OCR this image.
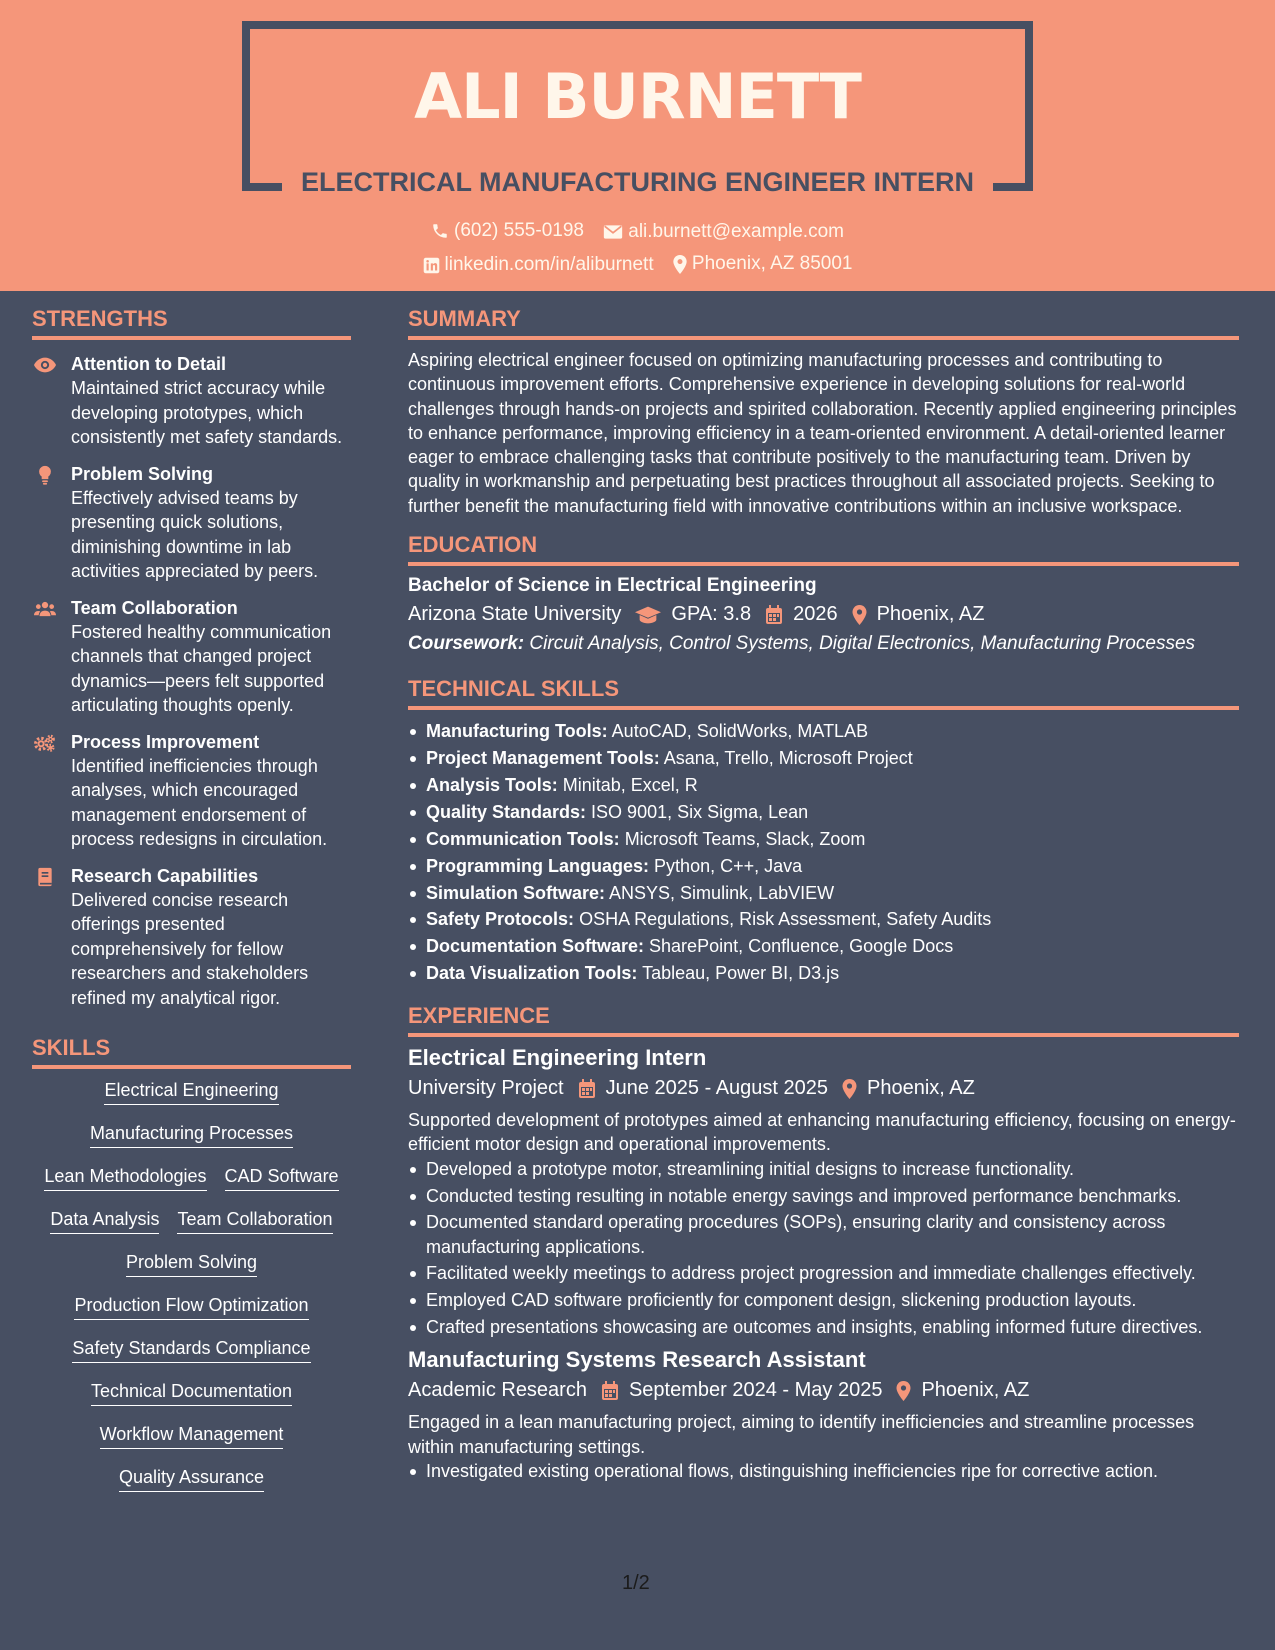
ALI BURNETT
ELECTRICAL MANUFACTURING ENGINEER INTERN
(602) 555-0198
ali.burnett@example.com
linkedin.com/in/aliburnett
Phoenix, AZ 85001
STRENGTHS
Attention to Detail
Maintained strict accuracy while developing prototypes, which consistently met safety standards.
Problem Solving
Effectively advised teams by presenting quick solutions, diminishing downtime in lab activities appreciated by peers.
Team Collaboration
Fostered healthy communication channels that changed project dynamics—peers felt supported articulating thoughts openly.
Process Improvement
Identified inefficiencies through analyses, which encouraged management endorsement of process redesigns in circulation.
Research Capabilities
Delivered concise research offerings presented comprehensively for fellow researchers and stakeholders refined my analytical rigor.
SKILLS
Electrical Engineering
Manufacturing Processes
Lean Methodologies CAD Software
Data Analysis Team Collaboration
Problem Solving
Production Flow Optimization
Safety Standards Compliance
Technical Documentation
Workflow Management
Quality Assurance
SUMMARY
Aspiring electrical engineer focused on optimizing manufacturing processes and contributing to continuous improvement efforts. Comprehensive experience in developing solutions for real-world challenges through hands-on projects and spirited collaboration. Recently applied engineering principles to enhance performance, improving efficiency in a team-oriented environment. A detail-oriented learner eager to embrace challenging tasks that contribute positively to the manufacturing team. Driven by quality in workmanship and perpetuating best practices throughout all associated projects. Seeking to further benefit the manufacturing field with innovative contributions within an inclusive workspace.
EDUCATION
Bachelor of Science in Electrical Engineering
Arizona State University	GPA: 3.8 2026 Phoenix, AZ
Coursework: Circuit Analysis, Control Systems, Digital Electronics, Manufacturing Processes
TECHNICAL SKILLS
Manufacturing Tools: AutoCAD, SolidWorks, MATLAB
Project Management Tools: Asana, Trello, Microsoft Project
Analysis Tools: Minitab, Excel, R
Quality Standards: ISO 9001, Six Sigma, Lean
Communication Tools: Microsoft Teams, Slack, Zoom
Programming Languages: Python, C++, Java
Simulation Software: ANSYS, Simulink, LabVIEW
Safety Protocols: OSHA Regulations, Risk Assessment, Safety Audits
Documentation Software: SharePoint, Confluence, Google Docs
Data Visualization Tools: Tableau, Power BI, D3.js
EXPERIENCE
Electrical Engineering Intern
University Project June 2025 - August 2025 Phoenix, AZ
Supported development of prototypes aimed at enhancing manufacturing efficiency, focusing on energy-efficient motor design and operational improvements.
Developed a prototype motor, streamlining initial designs to increase functionality.
Conducted testing resulting in notable energy savings and improved performance benchmarks.
Documented standard operating procedures (SOPs), ensuring clarity and consistency across manufacturing applications.
Facilitated weekly meetings to address project progression and immediate challenges effectively.
Employed CAD software proficiently for component design, slickening production layouts.
Crafted presentations showcasing are outcomes and insights, enabling informed future directives.
Manufacturing Systems Research Assistant
Academic Research September 2024 - May 2025 Phoenix, AZ
Engaged in a lean manufacturing project, aiming to identify inefficiencies and streamline processes within manufacturing settings.
Investigated existing operational flows, distinguishing inefficiencies ripe for corrective action.
1/2
